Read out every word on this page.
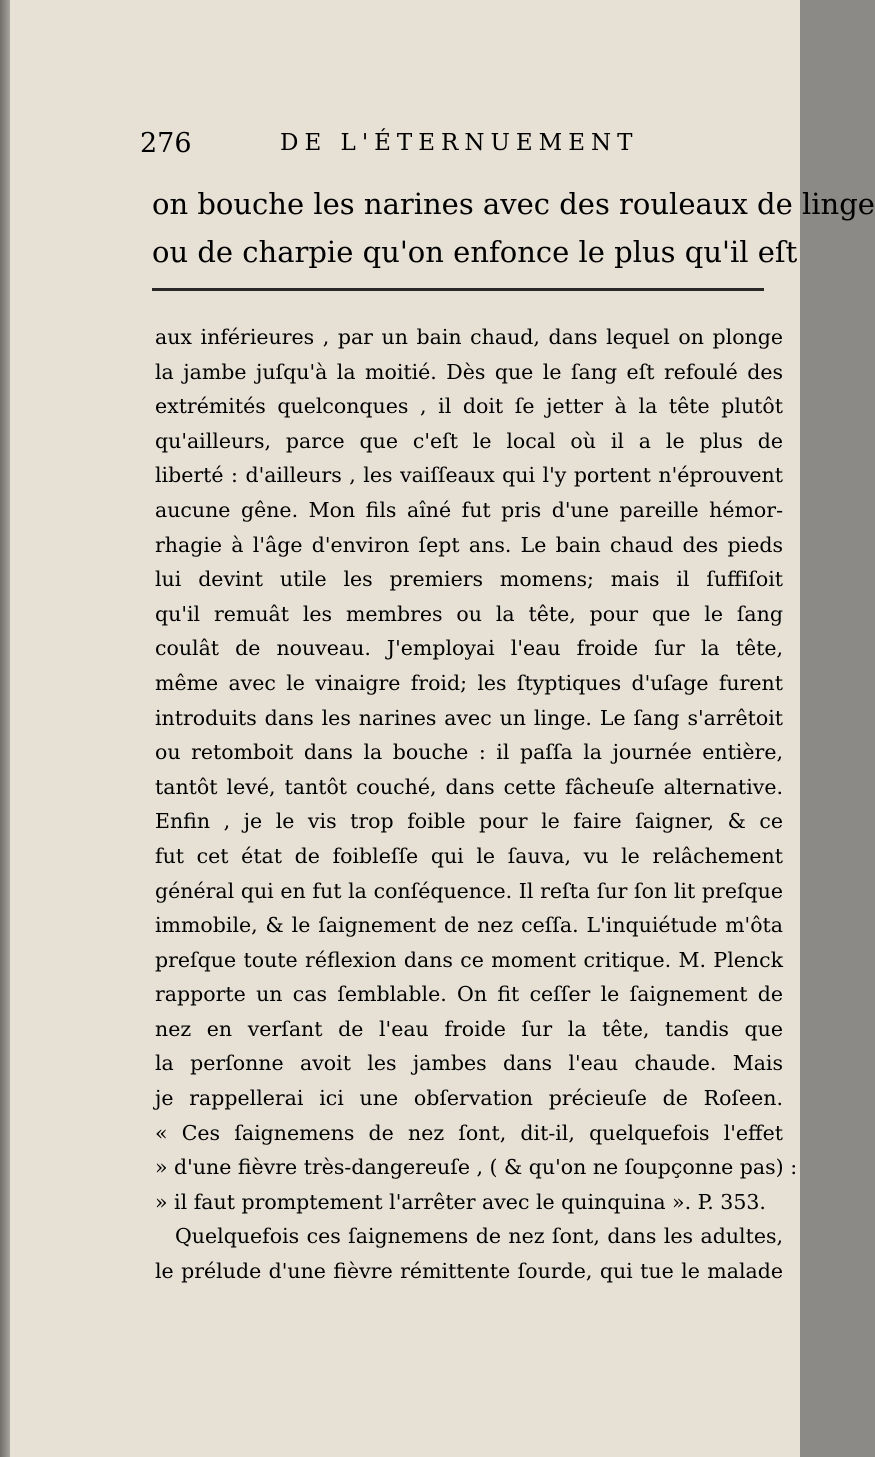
276	DE L'ÉTERNUEMENT
on bouche les narines avec des rouleaux de linge
ou de charpie qu'on enfonce le plus qu'il eſt
aux inférieures , par un bain chaud, dans lequel on plonge
la jambe juſqu'à la moitié. Dès que le ſang eſt refoulé des
extrémités quelconques , il doit ſe jetter à la tête plutôt
qu'ailleurs, parce que c'eſt le local où il a le plus de
liberté : d'ailleurs , les vaiſſeaux qui l'y portent n'éprouvent
aucune gêne. Mon fils aîné fut pris d'une pareille hémor-
rhagie à l'âge d'environ ſept ans. Le bain chaud des pieds
lui devint utile les premiers momens; mais il ſuffiſoit
qu'il remuât les membres ou la tête, pour que le ſang
coulât de nouveau. J'employai l'eau froide ſur la tête,
même avec le vinaigre froid; les ſtyptiques d'uſage furent
introduits dans les narines avec un linge. Le ſang s'arrêtoit
ou retomboit dans la bouche : il paſſa la journée entière,
tantôt levé, tantôt couché, dans cette fâcheuſe alternative.
Enfin , je le vis trop foible pour le faire ſaigner, & ce
fut cet état de foibleſſe qui le ſauva, vu le relâchement
général qui en fut la conſéquence. Il reſta ſur ſon lit preſque
immobile, & le ſaignement de nez ceſſa. L'inquiétude m'ôta
preſque toute réflexion dans ce moment critique. M. Plenck
rapporte un cas ſemblable. On fit ceſſer le ſaignement de
nez en verſant de l'eau froide ſur la tête, tandis que
la perſonne avoit les jambes dans l'eau chaude. Mais
je rappellerai ici une obſervation précieuſe de Roſeen.
« Ces ſaignemens de nez ſont, dit-il, quelquefois l'effet
» d'une fièvre très-dangereuſe , ( & qu'on ne ſoupçonne pas) :
» il faut promptement l'arrêter avec le quinquina ». P. 353.
Quelquefois ces ſaignemens de nez ſont, dans les adultes,
le prélude d'une fièvre rémittente ſourde, qui tue le malade
